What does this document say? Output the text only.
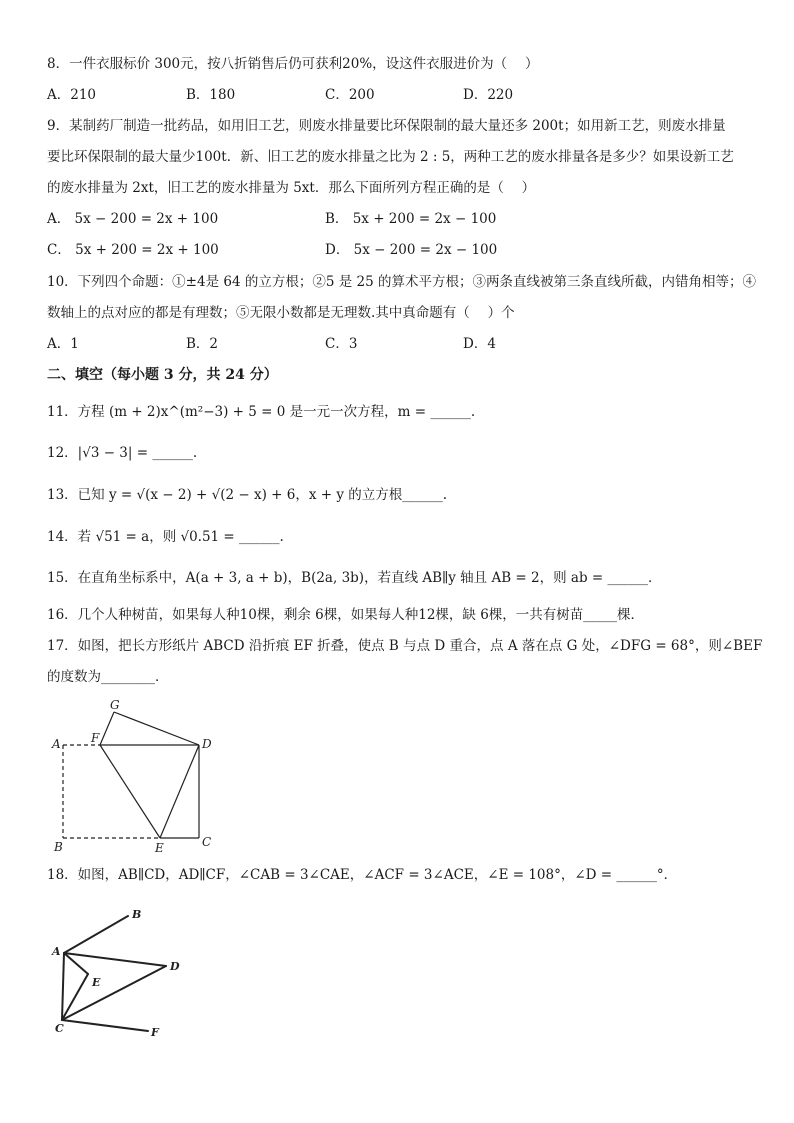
8．一件衣服标价 300元，按八折销售后仍可获利20%，设这件衣服进价为（　 ）
A．210	B．180	C．200	D．220
9．某制药厂制造一批药品，如用旧工艺，则废水排量要比环保限制的最大量还多 200t；如用新工艺，则废水排量
要比环保限制的最大量少100t．新、旧工艺的废水排量之比为 2 : 5，两种工艺的废水排量各是多少？如果设新工艺
的废水排量为 2xt，旧工艺的废水排量为 5xt．那么下面所列方程正确的是（　 ）
A． 5x − 200 = 2x + 100	B． 5x + 200 = 2x − 100
C． 5x + 200 = 2x + 100	D． 5x − 200 = 2x − 100
10．下列四个命题：①±4是 64 的立方根；②5 是 25 的算术平方根；③两条直线被第三条直线所截，内错角相等；④
数轴上的点对应的都是有理数；⑤无限小数都是无理数.其中真命题有（　 ）个
A．1	B．2	C．3	D．4
二、填空（每小题 3 分，共 24 分）
11．方程 (m + 2)x^(m²−3) + 5 = 0 是一元一次方程，m = ______.
12．|√3 − 3| = ______.
13．已知 y = √(x − 2) + √(2 − x) + 6，x + y 的立方根______.
14．若 √51 = a，则 √0.51 = ______.
15．在直角坐标系中，A(a + 3, a + b)，B(2a, 3b)，若直线 AB∥y 轴且 AB = 2，则 ab = ______．
16．几个人种树苗，如果每人种10棵，剩余 6棵，如果每人种12棵，缺 6棵，一共有树苗_____棵．
17．如图，把长方形纸片 ABCD 沿折痕 EF 折叠，使点 B 与点 D 重合，点 A 落在点 G 处，∠DFG = 68°，则∠BEF
的度数为________．
G
A	F	D
B	E	C
18．如图，AB∥CD，AD∥CF，∠CAB = 3∠CAE，∠ACF = 3∠ACE，∠E = 108°，∠D = ______°．
B
A
E
D
C	F
